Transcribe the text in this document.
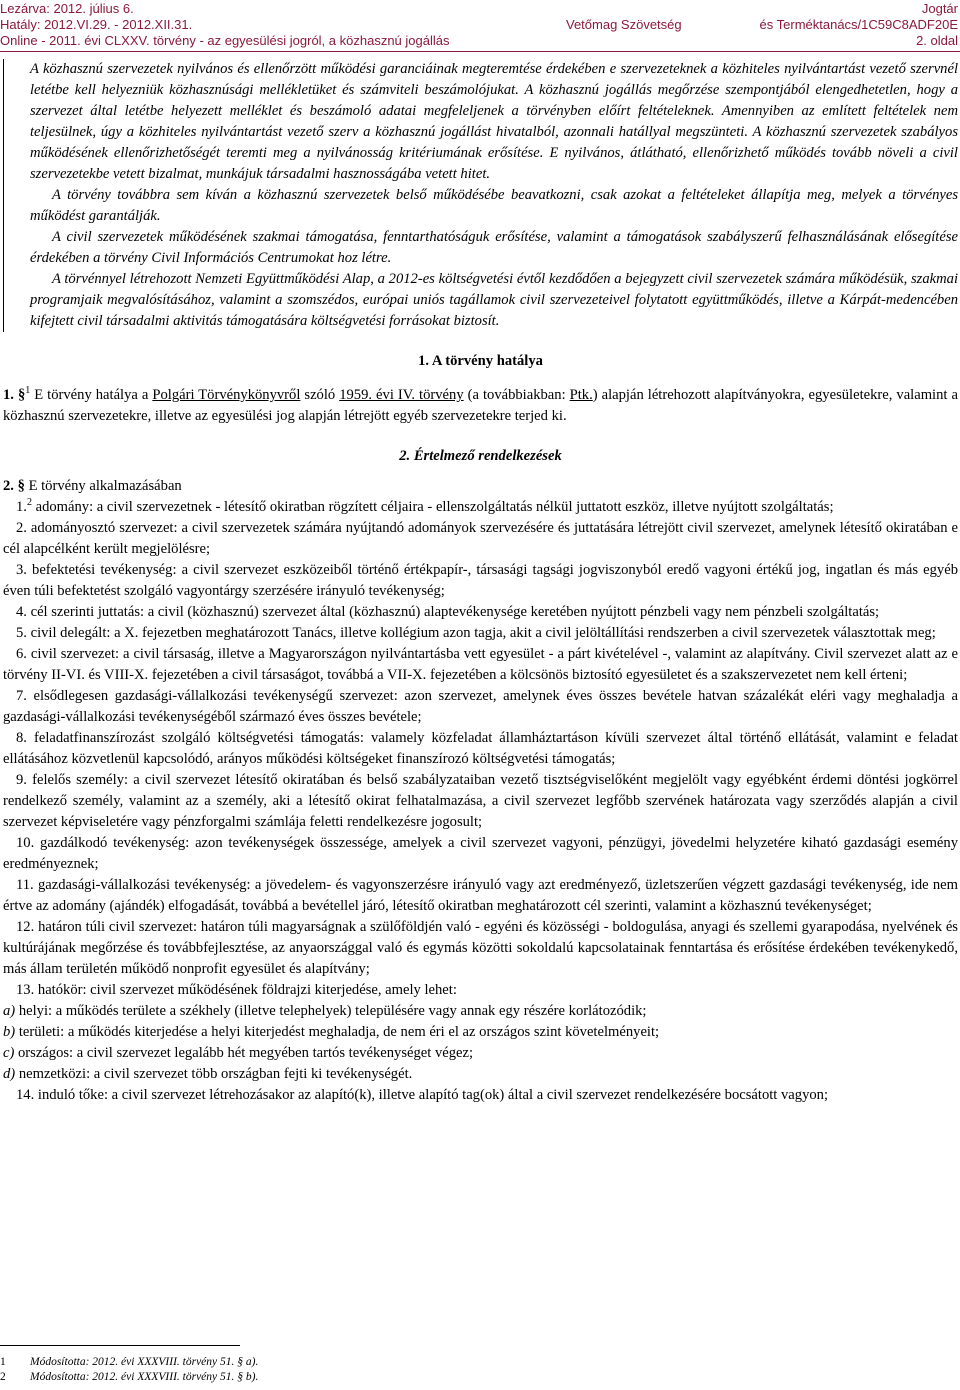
Lezárva: 2012. július 6.
Hatály: 2012.VI.29. - 2012.XII.31.
Online - 2011. évi CLXXV. törvény - az egyesülési jogról, a közhasznú jogállás
Vetőmag Szövetség
Jogtár
és Terméktanács/1C59C8ADF20E
2. oldal

A közhasznú szervezetek nyilvános és ellenőrzött működési garanciáinak megteremtése érdekében e szervezeteknek a közhiteles nyilvántartást vezető szervnél letétbe kell helyezniük közhasznúsági mellékletüket és számviteli beszámolójukat. A közhasznú jogállás megőrzése szempontjából elengedhetetlen, hogy a szervezet által letétbe helyezett melléklet és beszámoló adatai megfeleljenek a törvényben előírt feltételeknek. Amennyiben az említett feltételek nem teljesülnek, úgy a közhiteles nyilvántartást vezető szerv a közhasznú jogállást hivatalból, azonnali hatállyal megszünteti. A közhasznú szervezetek szabályos működésének ellenőrizhetőségét teremti meg a nyilvánosság kritériumának erősítése. E nyilvános, átlátható, ellenőrizhető működés tovább növeli a civil szervezetekbe vetett bizalmat, munkájuk társadalmi hasznosságába vetett hitet.

A törvény továbbra sem kíván a közhasznú szervezetek belső működésébe beavatkozni, csak azokat a feltételeket állapítja meg, melyek a törvényes működést garantálják.

A civil szervezetek működésének szakmai támogatása, fenntarthatóságuk erősítése, valamint a támogatások szabályszerű felhasználásának elősegítése érdekében a törvény Civil Információs Centrumokat hoz létre.

A törvénnyel létrehozott Nemzeti Együttműködési Alap, a 2012-es költségvetési évtől kezdődően a bejegyzett civil szervezetek számára működésük, szakmai programjaik megvalósításához, valamint a szomszédos, európai uniós tagállamok civil szervezeteivel folytatott együttműködés, illetve a Kárpát-medencében kifejtett civil társadalmi aktivitás támogatására költségvetési forrásokat biztosít.

1. A törvény hatálya

1. §$^1$ E törvény hatálya a Polgári Törvénykönyvről szóló 1959. évi IV. törvény (a továbbiakban: Ptk.) alapján létrehozott alapítványokra, egyesületekre, valamint a közhasznú szervezetekre, illetve az egyesülési jog alapján létrejött egyéb szervezetekre terjed ki.

2. Értelmező rendelkezések

2. § E törvény alkalmazásában

1.$^2$ adomány: a civil szervezetnek - létesítő okiratban rögzített céljaira - ellenszolgáltatás nélkül juttatott eszköz, illetve nyújtott szolgáltatás;

2. adományosztó szervezet: a civil szervezetek számára nyújtandó adományok szervezésére és juttatására létrejött civil szervezet, amelynek létesítő okiratában e cél alapcélként került megjelölésre;

3. befektetési tevékenység: a civil szervezet eszközeiből történő értékpapír-, társasági tagsági jogviszonyból eredő vagyoni értékű jog, ingatlan és más egyéb éven túli befektetést szolgáló vagyontárgy szerzésére irányuló tevékenység;

4. cél szerinti juttatás: a civil (közhasznú) szervezet által (közhasznú) alaptevékenysége keretében nyújtott pénzbeli vagy nem pénzbeli szolgáltatás;

5. civil delegált: a X. fejezetben meghatározott Tanács, illetve kollégium azon tagja, akit a civil jelöltállítási rendszerben a civil szervezetek választottak meg;

6. civil szervezet: a civil társaság, illetve a Magyarországon nyilvántartásba vett egyesület - a párt kivételével -, valamint az alapítvány. Civil szervezet alatt az e törvény II-VI. és VIII-X. fejezetében a civil társaságot, továbbá a VII-X. fejezetében a kölcsönös biztosító egyesületet és a szakszervezetet nem kell érteni;

7. elsődlegesen gazdasági-vállalkozási tevékenységű szervezet: azon szervezet, amelynek éves összes bevétele hatvan százalékát eléri vagy meghaladja a gazdasági-vállalkozási tevékenységéből származó éves összes bevétele;

8. feladatfinanszírozást szolgáló költségvetési támogatás: valamely közfeladat államháztartáson kívüli szervezet által történő ellátását, valamint e feladat ellátásához közvetlenül kapcsolódó, arányos működési költségeket finanszírozó költségvetési támogatás;

9. felelős személy: a civil szervezet létesítő okiratában és belső szabályzataiban vezető tisztségviselőként megjelölt vagy egyébként érdemi döntési jogkörrel rendelkező személy, valamint az a személy, aki a létesítő okirat felhatalmazása, a civil szervezet legfőbb szervének határozata vagy szerződés alapján a civil szervezet képviseletére vagy pénzforgalmi számlája feletti rendelkezésre jogosult;

10. gazdálkodó tevékenység: azon tevékenységek összessége, amelyek a civil szervezet vagyoni, pénzügyi, jövedelmi helyzetére kiható gazdasági esemény eredményeznek;

11. gazdasági-vállalkozási tevékenység: a jövedelem- és vagyonszerzésre irányuló vagy azt eredményező, üzletszerűen végzett gazdasági tevékenység, ide nem értve az adomány (ajándék) elfogadását, továbbá a bevétellel járó, létesítő okiratban meghatározott cél szerinti, valamint a közhasznú tevékenységet;

12. határon túli civil szervezet: határon túli magyarságnak a szülőföldjén való - egyéni és közösségi - boldogulása, anyagi és szellemi gyarapodása, nyelvének és kultúrájának megőrzése és továbbfejlesztése, az anyaországgal való és egymás közötti sokoldalú kapcsolatainak fenntartása és erősítése érdekében tevékenykedő, más állam területén működő nonprofit egyesület és alapítvány;

13. hatókör: civil szervezet működésének földrajzi kiterjedése, amely lehet:

a) helyi: a működés területe a székhely (illetve telephelyek) településére vagy annak egy részére korlátozódik;

b) területi: a működés kiterjedése a helyi kiterjedést meghaladja, de nem éri el az országos szint követelményeit;

c) országos: a civil szervezet legalább hét megyében tartós tevékenységet végez;

d) nemzetközi: a civil szervezet több országban fejti ki tevékenységét.

14. induló tőke: a civil szervezet létrehozásakor az alapító(k), illetve alapító tag(ok) által a civil szervezet rendelkezésére bocsátott vagyon;

1 Módosította: 2012. évi XXXVIII. törvény 51. § a).
2 Módosította: 2012. évi XXXVIII. törvény 51. § b).
